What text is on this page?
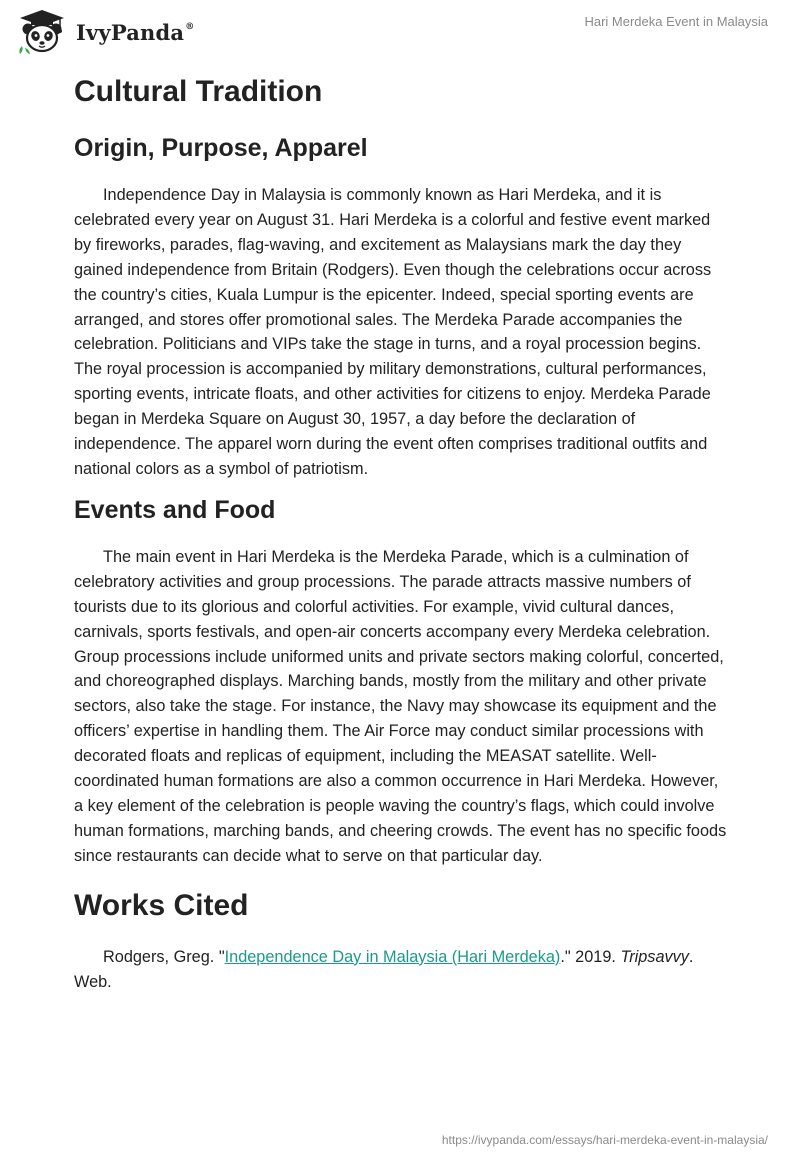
IvyPanda®	Hari Merdeka Event in Malaysia
Cultural Tradition
Origin, Purpose, Apparel

Independence Day in Malaysia is commonly known as Hari Merdeka, and it is celebrated every year on August 31. Hari Merdeka is a colorful and festive event marked by fireworks, parades, flag-waving, and excitement as Malaysians mark the day they gained independence from Britain (Rodgers). Even though the celebrations occur across the country’s cities, Kuala Lumpur is the epicenter. Indeed, special sporting events are arranged, and stores offer promotional sales. The Merdeka Parade accompanies the celebration. Politicians and VIPs take the stage in turns, and a royal procession begins. The royal procession is accompanied by military demonstrations, cultural performances, sporting events, intricate floats, and other activities for citizens to enjoy. Merdeka Parade began in Merdeka Square on August 30, 1957, a day before the declaration of independence. The apparel worn during the event often comprises traditional outfits and national colors as a symbol of patriotism.

Events and Food

The main event in Hari Merdeka is the Merdeka Parade, which is a culmination of celebratory activities and group processions. The parade attracts massive numbers of tourists due to its glorious and colorful activities. For example, vivid cultural dances, carnivals, sports festivals, and open-air concerts accompany every Merdeka celebration. Group processions include uniformed units and private sectors making colorful, concerted, and choreographed displays. Marching bands, mostly from the military and other private sectors, also take the stage. For instance, the Navy may showcase its equipment and the officers’ expertise in handling them. The Air Force may conduct similar processions with decorated floats and replicas of equipment, including the MEASAT satellite. Well-coordinated human formations are also a common occurrence in Hari Merdeka. However, a key element of the celebration is people waving the country’s flags, which could involve human formations, marching bands, and cheering crowds. The event has no specific foods since restaurants can decide what to serve on that particular day.

Works Cited

Rodgers, Greg. "Independence Day in Malaysia (Hari Merdeka)." 2019. Tripsavvy. Web.

https://ivypanda.com/essays/hari-merdeka-event-in-malaysia/
